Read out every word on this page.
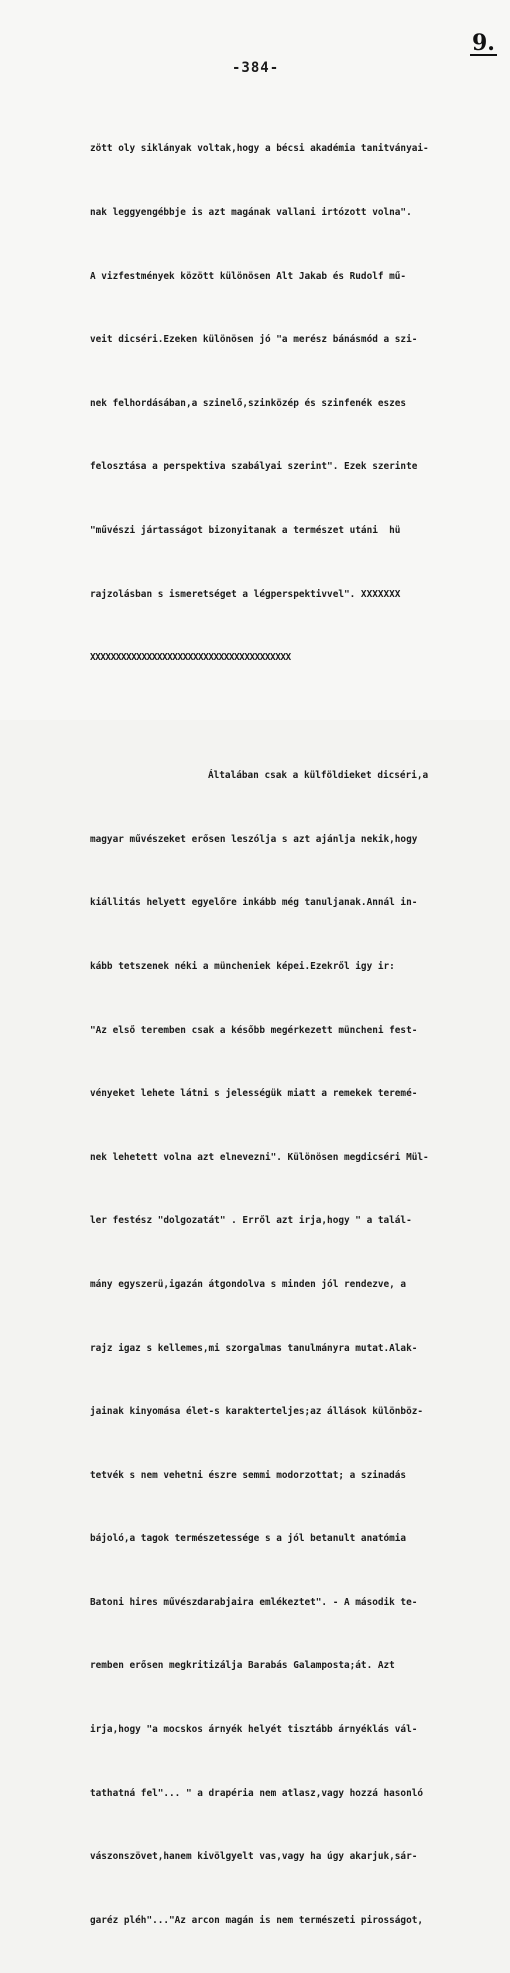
9.
-384-

zött oly siklányak voltak,hogy a bécsi akadémia tanitványai-

nak leggyengébbje is azt magának vallani irtózott volna".

A vizfestmények között különösen Alt Jakab és Rudolf mű-

veit dicséri.Ezeken különösen jó "a merész bánásmód a szi-

nek felhordásában,a szinelő,szinközép és szinfenék eszes

felosztása a perspektiva szabályai szerint". Ezek szerinte

"művészi jártasságot bizonyitanak a természet utáni  hü

rajzolásban s ismeretséget a légperspektivvel". XXXXXXX

XXXXXXXXXXXXXXXXXXXXXXXXXXXXXXXXXXXXXXX

Általában csak a külföldieket dicséri,a

magyar művészeket erősen leszólja s azt ajánlja nekik,hogy

kiállitás helyett egyelőre inkább még tanuljanak.Annál in-

kább tetszenek néki a müncheniek képei.Ezekről igy ir:

"Az első teremben csak a később megérkezett müncheni fest-

vényeket lehete látni s jelességük miatt a remekek teremé-

nek lehetett volna azt elnevezni". Különösen megdicséri Mül-

ler festész "dolgozatát" . Erről azt irja,hogy " a talál-

mány egyszerü,igazán átgondolva s minden jól rendezve, a

rajz igaz s kellemes,mi szorgalmas tanulmányra mutat.Alak-

jainak kinyomása élet-s karakterteljes;az állások különböz-

tetvék s nem vehetni észre semmi modorzottat; a szinadás

bájoló,a tagok természetessége s a jól betanult anatómia

Batoni hires művészdarabjaira emlékeztet". - A második te-

remben erősen megkritizálja Barabás Galamposta;át. Azt

irja,hogy "a mocskos árnyék helyét tisztább árnyéklás vál-

tathatná fel"... " a drapéria nem atlasz,vagy hozzá hasonló

vászonszövet,hanem kivölgyelt vas,vagy ha úgy akarjuk,sár-

garéz pléh"..."Az arcon magán is nem természeti pirosságot,
